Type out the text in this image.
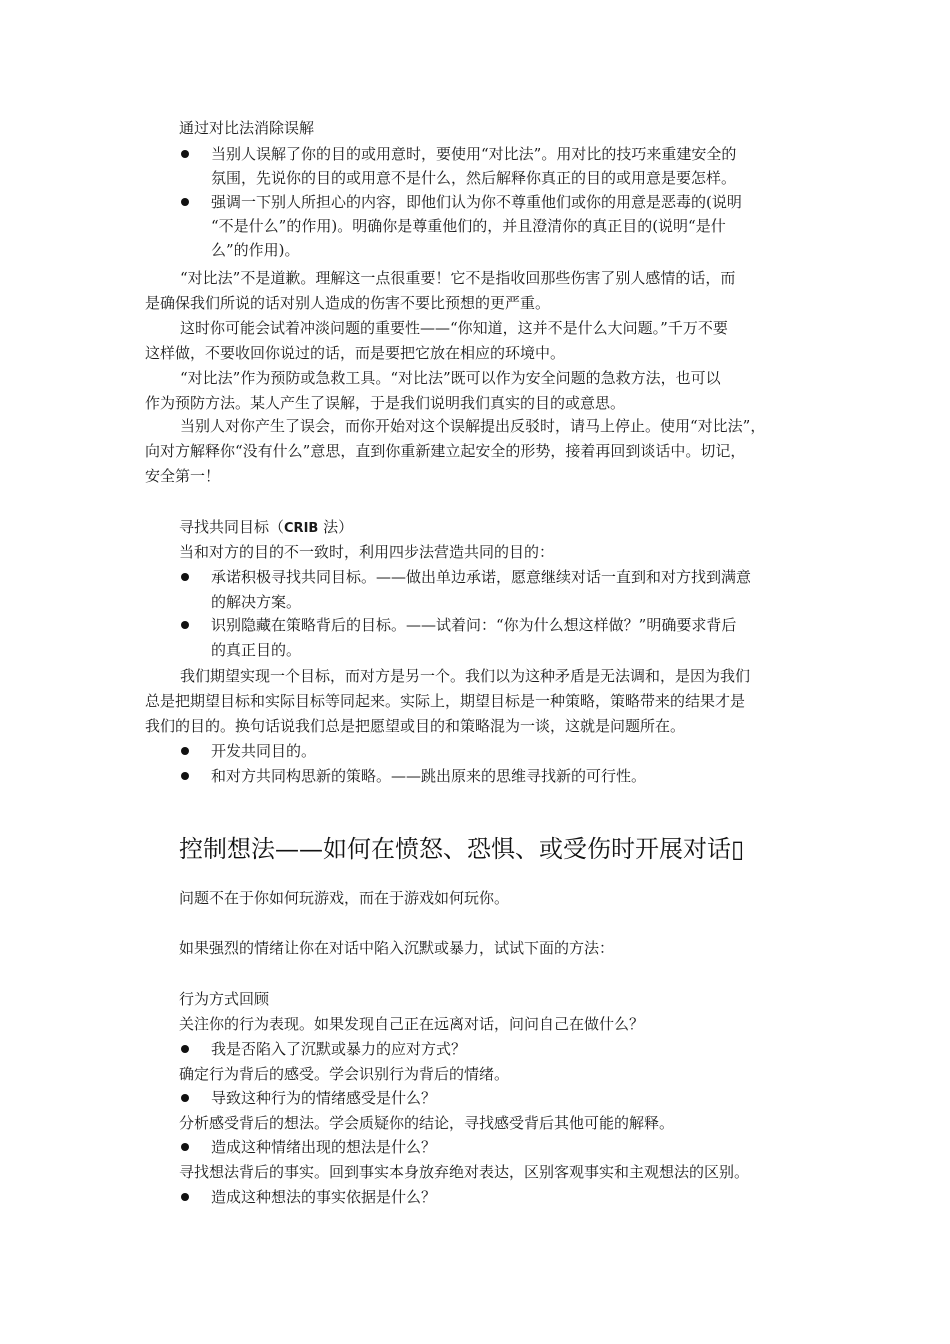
通过对比法消除误解
当别人误解了你的目的或用意时，要使用“对比法”。用对比的技巧来重建安全的
氛围，先说你的目的或用意不是什么，然后解释你真正的目的或用意是要怎样。
强调一下别人所担心的内容，即他们认为你不尊重他们或你的用意是恶毒的(说明
“不是什么”的作用)。明确你是尊重他们的，并且澄清你的真正目的(说明“是什
么”的作用)。
“对比法”不是道歉。理解这一点很重要！它不是指收回那些伤害了别人感情的话，而
是确保我们所说的话对别人造成的伤害不要比预想的更严重。
这时你可能会试着冲淡问题的重要性——“你知道，这并不是什么大问题。”千万不要
这样做，不要收回你说过的话，而是要把它放在相应的环境中。
“对比法”作为预防或急救工具。“对比法”既可以作为安全问题的急救方法，也可以
作为预防方法。某人产生了误解，于是我们说明我们真实的目的或意思。
当别人对你产生了误会，而你开始对这个误解提出反驳时，请马上停止。使用“对比法”，
向对方解释你“没有什么”意思，直到你重新建立起安全的形势，接着再回到谈话中。切记，
安全第一！
寻找共同目标（CRIB 法）
当和对方的目的不一致时，利用四步法营造共同的目的：
承诺积极寻找共同目标。——做出单边承诺，愿意继续对话一直到和对方找到满意
的解决方案。
识别隐藏在策略背后的目标。——试着问：“你为什么想这样做？”明确要求背后
的真正目的。
我们期望实现一个目标，而对方是另一个。我们以为这种矛盾是无法调和，是因为我们
总是把期望目标和实际目标等同起来。实际上，期望目标是一种策略，策略带来的结果才是
我们的目的。换句话说我们总是把愿望或目的和策略混为一谈，这就是问题所在。
开发共同目的。
和对方共同构思新的策略。——跳出原来的思维寻找新的可行性。
控制想法——如何在愤怒、恐惧、或受伤时开展对话▯
问题不在于你如何玩游戏，而在于游戏如何玩你。
如果强烈的情绪让你在对话中陷入沉默或暴力，试试下面的方法：
行为方式回顾
关注你的行为表现。如果发现自己正在远离对话，问问自己在做什么？
我是否陷入了沉默或暴力的应对方式？
确定行为背后的感受。学会识别行为背后的情绪。
导致这种行为的情绪感受是什么？
分析感受背后的想法。学会质疑你的结论，寻找感受背后其他可能的解释。
造成这种情绪出现的想法是什么？
寻找想法背后的事实。回到事实本身放弃绝对表达，区别客观事实和主观想法的区别。
造成这种想法的事实依据是什么？
